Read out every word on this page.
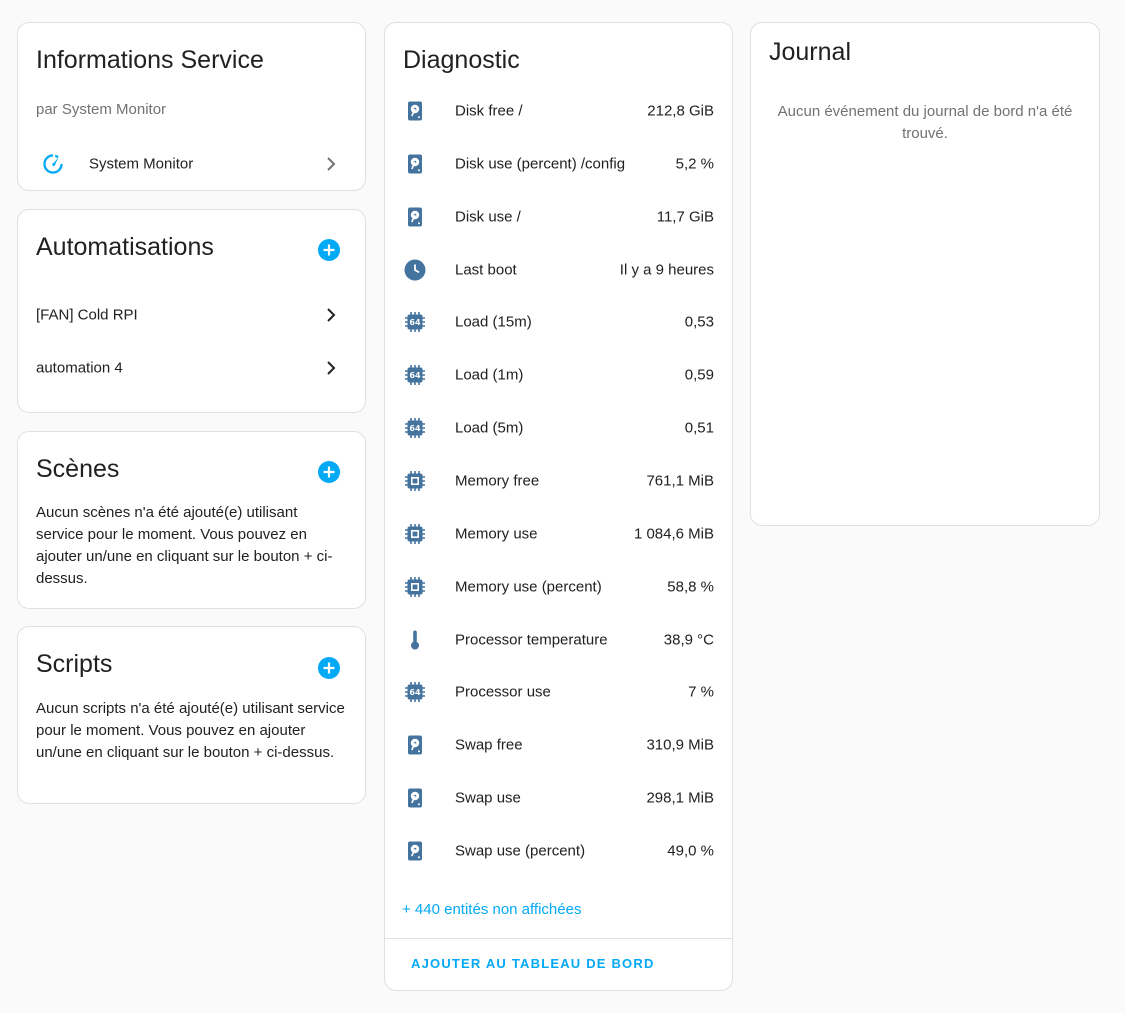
Informations Service
par System Monitor
System Monitor
Automatisations
[FAN] Cold RPI
automation 4
Scènes

Aucun scènes n'a été ajouté(e) utilisant service pour le moment. Vous pouvez en ajouter un/une en cliquant sur le bouton + ci-dessus.

Scripts

Aucun scripts n'a été ajouté(e) utilisant service pour le moment. Vous pouvez en ajouter un/une en cliquant sur le bouton + ci-dessus.

Diagnostic
Disk free /	212,8 GiB
Disk use (percent) /config	5,2 %
Disk use /	11,7 GiB
Last boot	Il y a 9 heures
64 Load (15m)	0,53
64 Load (1m)	0,59
64 Load (5m)	0,51
Memory free	761,1 MiB
Memory use	1 084,6 MiB
Memory use (percent)	58,8 %
Processor temperature	38,9 °C
64 Processor use	7 %
Swap free	310,9 MiB
Swap use	298,1 MiB
Swap use (percent)	49,0 %
+ 440 entités non affichées
AJOUTER AU TABLEAU DE BORD
Journal
Aucun événement du journal de bord n'a été trouvé.
